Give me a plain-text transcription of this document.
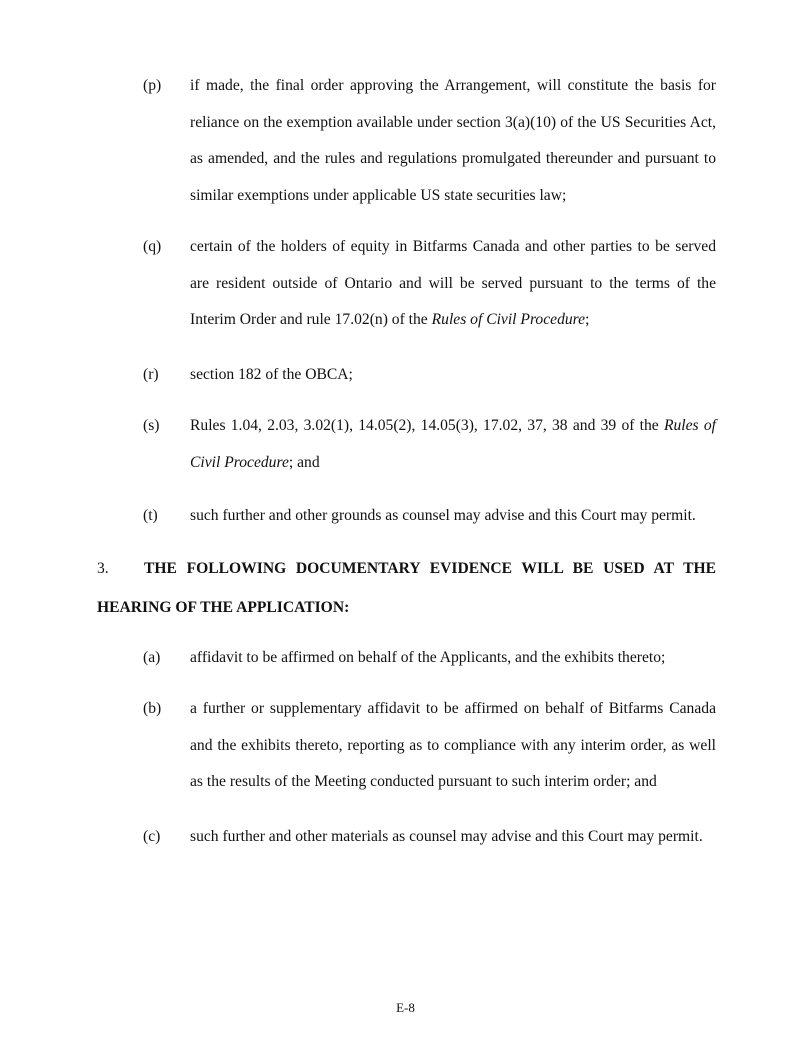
(p) if made, the final order approving the Arrangement, will constitute the basis for
reliance on the exemption available under section 3(a)(10) of the US Securities Act,
as amended, and the rules and regulations promulgated thereunder and pursuant to
similar exemptions under applicable US state securities law;
(q) certain of the holders of equity in Bitfarms Canada and other parties to be served
are resident outside of Ontario and will be served pursuant to the terms of the
Interim Order and rule 17.02(n) of the Rules of Civil Procedure;
(r) section 182 of the OBCA;
(s) Rules 1.04, 2.03, 3.02(1), 14.05(2), 14.05(3), 17.02, 37, 38 and 39 of the Rules of
Civil Procedure; and
(t) such further and other grounds as counsel may advise and this Court may permit.
3. THE FOLLOWING DOCUMENTARY EVIDENCE WILL BE USED AT THE
HEARING OF THE APPLICATION:
(a) affidavit to be affirmed on behalf of the Applicants, and the exhibits thereto;
(b) a further or supplementary affidavit to be affirmed on behalf of Bitfarms Canada
and the exhibits thereto, reporting as to compliance with any interim order, as well
as the results of the Meeting conducted pursuant to such interim order; and
(c) such further and other materials as counsel may advise and this Court may permit.
E-8
